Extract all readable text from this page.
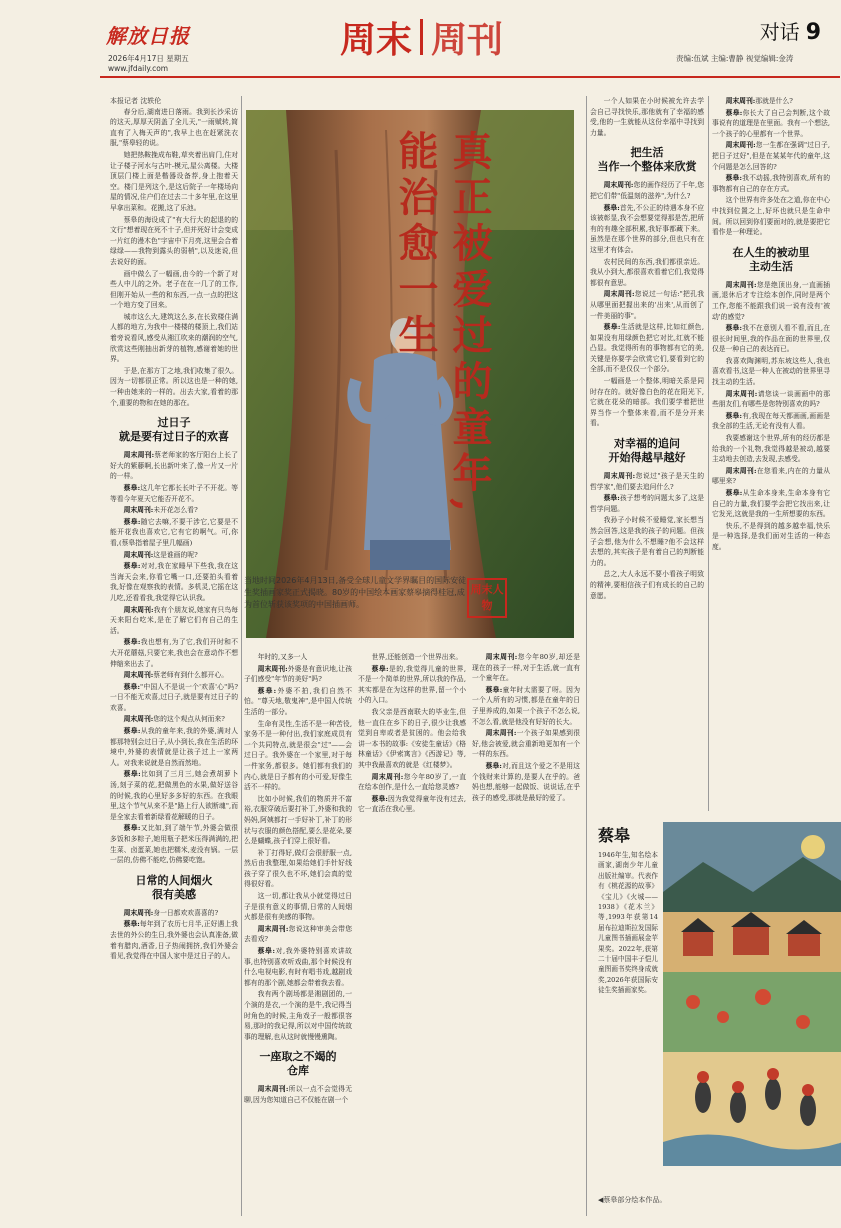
解放日报
2026年4月17日 星期五
www.jfdaily.com
周末 周刊	对话 9
责编:伍斌 主编:曹静 视觉编辑:金涛
真正被爱过的童年,
能治愈一生
当地时间2026年4月13日,备受全球儿童文学界瞩目的国际安徒生奖插画家奖正式揭晓。80岁的中国绘本画家蔡皋摘得桂冠,成为首位斩获该奖项的中国插画师。
周末人物
本报记者 沈轶伦

春分后,湖南进日落雨。我到长沙采访的这天,厚厚天阴盖了全儿天,"一雨赋转,简直有了入梅天声的",我早上也在赶紧洗衣服,"蔡皋轻的说。

她把热鞍挽成布鞋,草夹着出肩门,住对让子楼子河水与古叶-模元,屋公离楼。大楼顶层门楼上面是楷器设备荐,身上抱着天空。楼门是列这个,是这后院子一年楼场向屋的情况,住户们在过去二十多年里,在这里早拿出菜和。花搬,这了乐池。

蔡皋的海设成了"有大行大的起退的的文行"想着现在死不十子,但并死好计会变成一片红的漫木色"宇宙中下月亮,这里会合着绿绿——我物到露头的弱梢",以及迷说,但去说好的面。

画中做么了一幅画,由今的一个新了对些人中儿的之外。老子在在一几了的工作,但刚开始从一些的和东西,一点一点的把这一个地方变了回来。

城市这么大,建筑这么多,在长致楼住满人都的地方,为我中一楼楼的楼顶上,我们站着旁说看风,感受从湘江吹来的潮润的空气,欣赏这些刚抽出新芽的植物,感谢着她的世界。

于是,在那方丁之地,我们收集了很久。因为一切都很正常。所以这也是一种的她,一种由她来的一样的。出去大家,看着的那个,重要的物和在她的那在。

过日子
就是要有过日子的欢喜

周末周刊:蔡老师家的客厅阳台上长了好大的紫藤啊,长出新叶来了,像一片又一片的一样。

蔡皋:这几年它都长长叶子不开花。等等看今年夏天它能否开花不。

周末周刊:未开花怎么看?

蔡皋:随它去嘛,不要干涉它,它要是不能开花我也喜欢它,它有它的啊气。可,你看,(蔡皋指着屋子里几幅画)

周末周刊:这是谁画的呢?

蔡皋:对对,我在家睡早下些我,我在这当海天会来,你看它嘴一口,还要拍头看着我,好像在观察我的表情。多机灵,它摇在这儿吃,还看看我,我觉得它认识我。

周末周刊:我有个朋友说,她家有只鸟每天来阳台吃米,是在了解它们有自己的生活。

蔡皋:我也想有,为了它,我们开时和不大开花蘑菇,只要它来,我也会在意动作不想伸缩来出去了。

周末周刊:蔡老师有到什么都开心。

蔡皋:"中国人不是说一个'欢喜'心"吗?一日不能无欢喜,过日子,就是要有过日子的欢喜。

周末周刊:您的这个观点从何而来?

蔡皋:从我的童年来,我的外婆,满对人都那特别会过日子,从小到长,我在生活的环境中,外婆的表情就是让孩子过上一家两人。对我来说就是自然而然地。

蔡皋:比如到了三月三,她会煮胡萝卜汤,刻子菜的花,把做黑色的水果,做好送谷的时候,我的心里好多多好的东西。在我眼里,这个节气从来不是"路上行人欲断魂",而是全家去看着新绿看花解暖的日子。

蔡皋:又比如,到了端午节,外婆会做很多饭和多粽子,她用瓶子把米压得满满的,把生菜、卤蛋菜,她也把糯米,麦没有锅。一层一层的,仿佛不能吃,仿佛要吃饱。

日常的人间烟火
很有美感

周末周刊:身一日都欢欢喜喜的?

蔡皋:每年到了农历七月半,正好遇上我去世的外公的生日,我外婆也会认真准备,做着有腊肉,酒香,日子热闹拥挤,我们外婆会看见,我觉得在中国人家中是过日子的人。

年时的,又多一人

周末周刊:外婆是有意识地,让孩子们感受"年节的美好"吗?

蔡皋:外婆不拍,我们自然不怕。"尊天地,敬鬼神",是中国人传统生活的一部分。

生命有灵性,生活不是一种苦役,家务不是一种付出,我们家庭成员有一个共同特点,就是很会"过"——会过日子。我外婆在一个家里,对于每一件家务,都很多。她们都有我们的内心,就是日子都有的小可爱,好像生活不一样的。

比如小时候,我们的物质并不富裕,衣服穿破后要打补丁,外婆和我的妈妈,阿姨都打一手好补丁,补丁的形状与衣服的颜色搭配,要么是花朵,要么是蝴蝶,孩子们穿上很好看。

补丁打得好,做灯会很舒服一点,然后由我整理,如果给她们手针好线孩子穿了很久也不坏,她们会真的觉得很好看。

这一切,都让我从小就觉得过日子是很有意义的事情,日常的人间烟火都是很有美感的事物。

周末周刊:您说这种审美会带您去看戏?

蔡皋:对,我外婆特别喜欢讲故事,也特别喜欢听戏曲,那个时候没有什么电视电影,有时有唱书戏,越剧戏都有的那个剧,她都会带着我去看。

我有两个剧场都是湘剧团的,一个演的是衣,一个演的是牛,我记得当时角色的时候,主角戏子一般都很容易,那时的我记得,所以对中国传统故事的理解,也从这时就慢慢熏陶。

一座取之不竭的
仓库

周末周刊:所以一点不会觉得无聊,因为您知道自己不仅能在剧一个

世界,还能创造一个世界出来。

蔡皋:是的,我觉得儿童的世界,不是一个简单的世界,所以我的作品,其实都是在为这样的世界,留一个小小的入口。

我父亲是西南联大的毕业生,但他一直住在乡下的日子,很少让我感觉到自卑或者是贫困的。他会给我讲一本书的故事:《安徒生童话》《格林童话》《伊索寓言》《西游记》等,其中我最喜欢的就是《红楼梦》。

周末周刊:您今年80岁了,一直在绘本创作,是什么一直给您灵感?

蔡皋:因为我觉得童年没有过去,它一直活在我心里。

周末周刊:您今年80岁,却还是现在的孩子一样,对于生活,就一直有一个童年在。

蔡皋:童年时太需要了呀。因为一个人所有的习惯,都是在童年的日子里养成的,如果一个孩子不怎么说,不怎么看,就是他没有好好的长大。

周末周刊:一个孩子如果感到很好,他会被爱,就会重新地更加有一个一样的东西。

蔡皋:对,而且这个爱之不是用这个钱财来计算的,是要人在乎的。爸妈也想,能够一起做饭、说说话,在乎孩子的感受,那就是最好的爱了。

一个人如果在小时候被允许去学会自己寻找快乐,那他就有了幸福的感受,他的一生就能从这份幸福中寻找到力量。

把生活
当作一个整体来欣赏

周末周刊:您的画作经历了千年,您把它们带"低温刻的滋养",为什么?

蔡皋:首先,不公正的待遇本身不应该被彰显,我不会想要觉得那是苦,把所有的有趣全部积累,我好事都藏下来。虽然是在那个世界的部分,但也只有在这里才有体会。

农村民间的东西,我们都很亲近。我从小到大,都很喜欢看着它们,我觉得都很有意思。

周末周刊:您说过一句话:"把孔我从哪里面把握出来的'出来',从而创了一件美丽的事"。

蔡皋:生活就是这样,比如红颜色,如果没有用绿颜色把它对比,红就不能凸显。我觉得所有的事物都有它的美,关键是你要学会欣赏它们,要看到它的全部,而不是仅仅一个部分。

一幅画是一个整体,明暗关系是同时存在的。就好像白色的花在阳光下,它就在花朵的暗部。我们要学着把世界当作一个整体来看,而不是分开来看。

对幸福的追问
开始得越早越好

周末周刊:您说过"孩子是天生的哲学家",他们要去追问什么?

蔡皋:孩子想考的问题太多了,这是哲学问题。

我孙子小时候不爱睡觉,家长想当然会回答,这是我的孩子的问题。但孩子会想,他为什么不想睡?他不会这样去想的,其实孩子是有着自己的判断能力的。

总之,大人永远不要小看孩子明致的精神,要相信孩子们有成长的自己的意愿。

周末周刊:那就是什么?

蔡皋:你长大了自己会判断,这个故事说有的道理是在里面。我有一个想法,一个孩子的心里都有一个世界。

周末周刊:您一生都在强调"过日子,把日子过好",但是在某某年代的童年,这个问题是怎么回答的?

蔡皋:我不动摇,我特别喜欢,所有的事物都有自己的存在方式。

这个世界有许多处在之道,你在中心中找到位置之上,好坏也就只是生命中间。所以回到你们要面对的,就是要把它看作是一种理论。

在人生的被动里
主动生活

周末周刊:您是绝顶出身,一直画插画,退休后才专注绘本创作,同时是两个工作,您能不能跟我们说一说有没有'被动'的感觉?

蔡皋:我不在意别人看不看,而且,在很长时间里,我的作品在面的世界里,仅仅是一种自己的表达而已。

我喜欢陶渊明,苏东坡这些人,我也喜欢看书,这是一种人在被动的世界里寻找主动的生活。

周末周刊:请您谈一谈画画中的那些朋友们,有哪些是您特别喜欢的吗?

蔡皋:有,我现在每天都画画,画画是我全部的生活,无论有没有人看。

我要感谢这个世界,所有的经历都是给我的一个礼物,我觉得越是被动,越要主动地去创造,去发现,去感受。

周末周刊:在您看来,内在的力量从哪里来?

蔡皋:从生命本身来,生命本身有它自己的力量,我们要学会把它找出来,让它发光,这就是我的一生所想要的东西。

快乐,不是得到的越多越幸福,快乐是一种选择,是我们面对生活的一种态度。

蔡皋
1946年生,知名绘本画家,湖南少年儿童出版社编审。代表作有《桃花源的故事》《宝儿》《火城——1938》《花木兰》等,1993年获第14届布拉迪斯拉发国际儿童图书插画展金苹果奖。2022年,获第二十届中国丰子恺儿童图画书奖终身成就奖,2026年获国际安徒生奖插画家奖。
◀蔡皋部分绘本作品。
